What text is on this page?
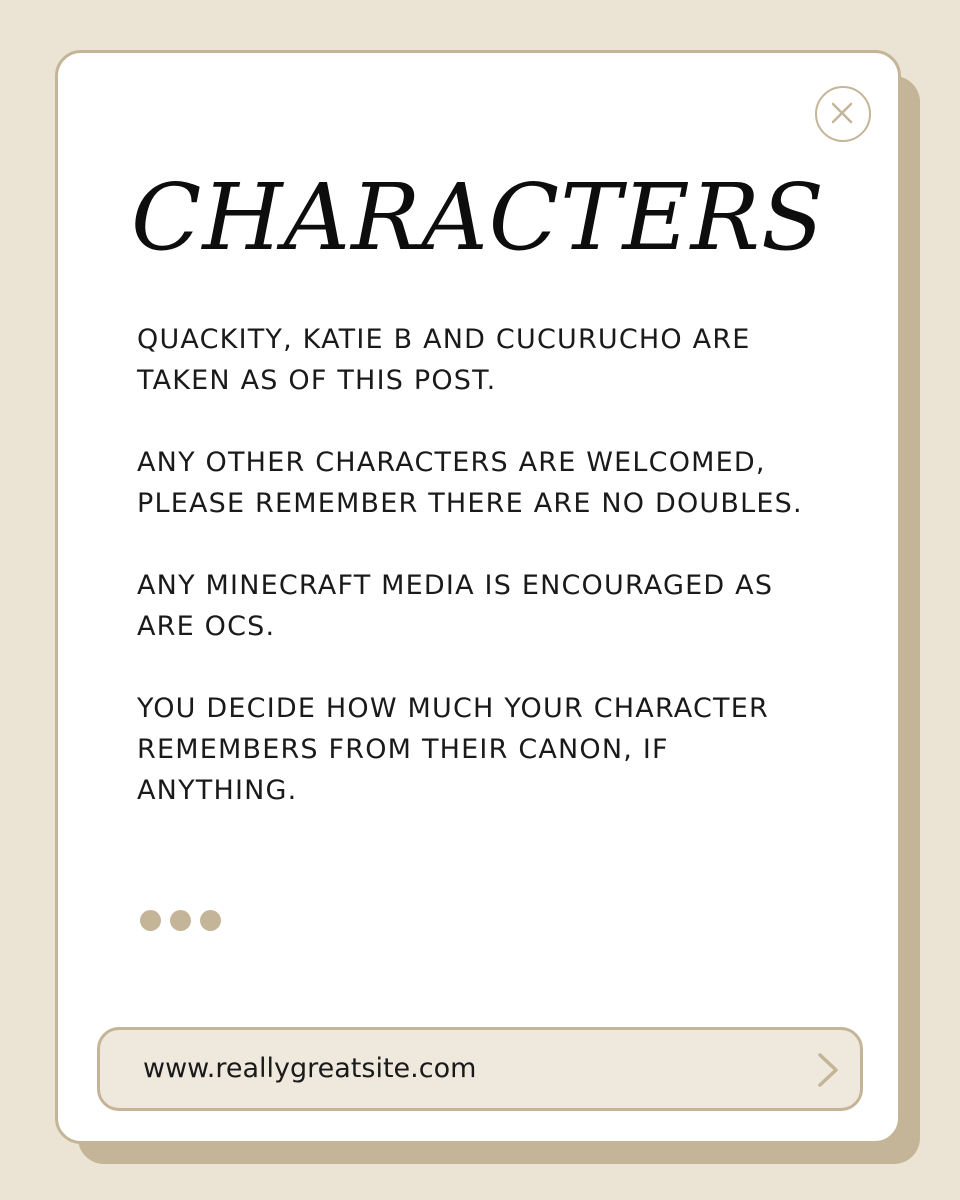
CHARACTERS

QUACKITY, KATIE B AND CUCURUCHO ARE TAKEN AS OF THIS POST.

ANY OTHER CHARACTERS ARE WELCOMED, PLEASE REMEMBER THERE ARE NO DOUBLES.

ANY MINECRAFT MEDIA IS ENCOURAGED AS ARE OCS.

YOU DECIDE HOW MUCH YOUR CHARACTER REMEMBERS FROM THEIR CANON, IF ANYTHING.

www.reallygreatsite.com
